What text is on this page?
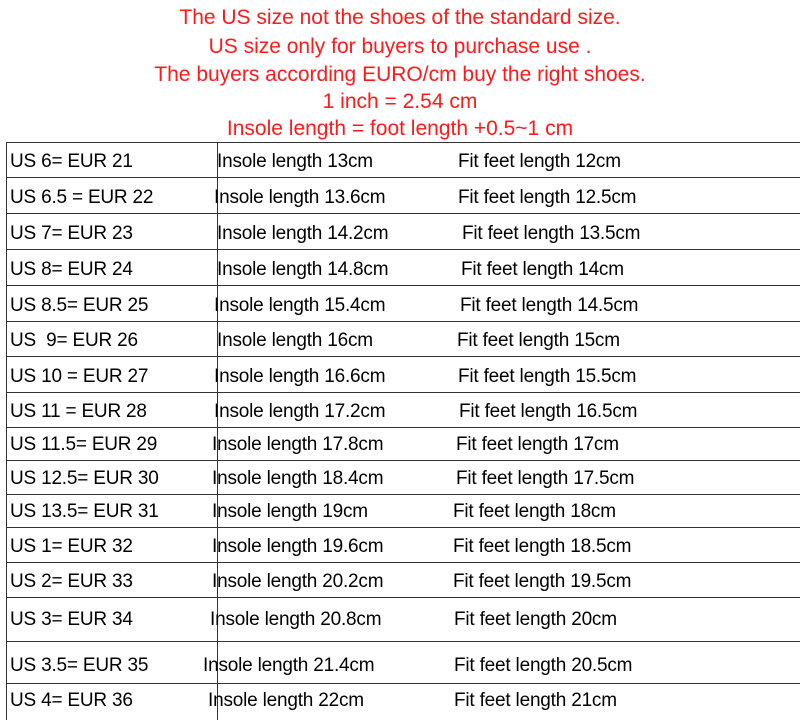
The US size not the shoes of the standard size.
US size only for buyers to purchase use .
The buyers according EURO/cm buy the right shoes.
1 inch = 2.54 cm
Insole length = foot length +0.5~1 cm
US 6= EUR 21	Insole length 13cm	Fit feet length 12cm
US 6.5 = EUR 22	Insole length 13.6cm	Fit feet length 12.5cm
US 7= EUR 23	Insole length 14.2cm	Fit feet length 13.5cm
US 8= EUR 24	Insole length 14.8cm	Fit feet length 14cm
US 8.5= EUR 25	Insole length 15.4cm	Fit feet length 14.5cm
US  9= EUR 26	Insole length 16cm	Fit feet length 15cm
US 10 = EUR 27	Insole length 16.6cm	Fit feet length 15.5cm
US 11 = EUR 28	Insole length 17.2cm	Fit feet length 16.5cm
US 11.5= EUR 29	Insole length 17.8cm	Fit feet length 17cm
US 12.5= EUR 30	Insole length 18.4cm	Fit feet length 17.5cm
US 13.5= EUR 31	Insole length 19cm	Fit feet length 18cm
US 1= EUR 32	Insole length 19.6cm	Fit feet length 18.5cm
US 2= EUR 33	Insole length 20.2cm	Fit feet length 19.5cm
US 3= EUR 34	Insole length 20.8cm	Fit feet length 20cm
US 3.5= EUR 35	Insole length 21.4cm	Fit feet length 20.5cm
US 4= EUR 36	Insole length 22cm	Fit feet length 21cm
